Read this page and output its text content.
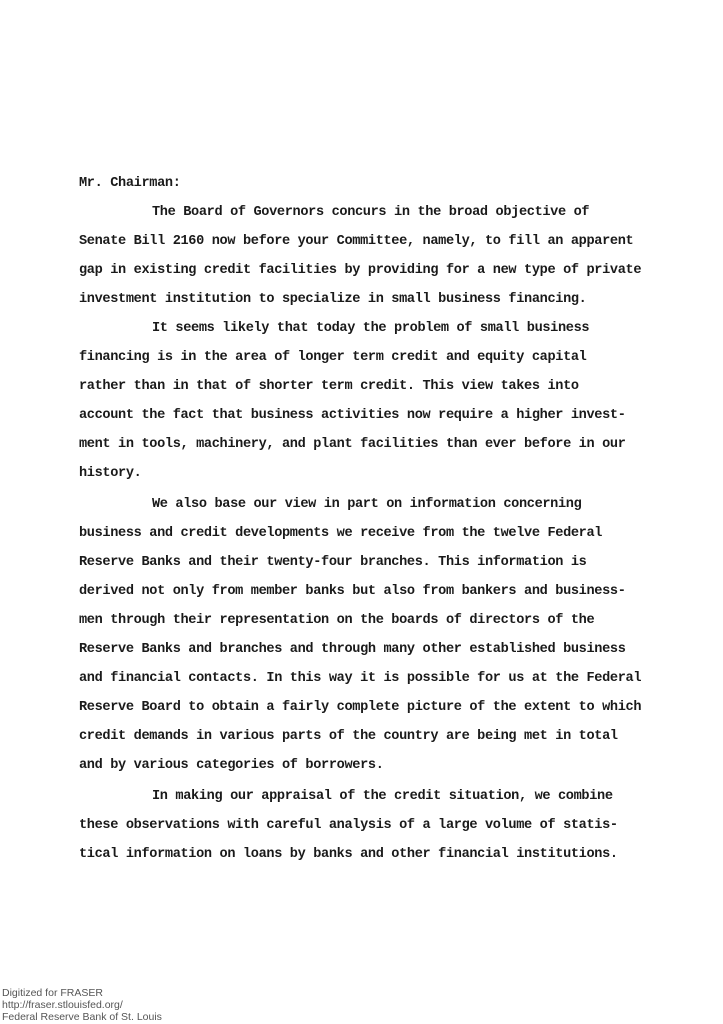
Mr. Chairman:
The Board of Governors concurs in the broad objective of
Senate Bill 2160 now before your Committee, namely, to fill an apparent
gap in existing credit facilities by providing for a new type of private
investment institution to specialize in small business financing.
It seems likely that today the problem of small business
financing is in the area of longer term credit and equity capital
rather than in that of shorter term credit. This view takes into
account the fact that business activities now require a higher invest-
ment in tools, machinery, and plant facilities than ever before in our
history.
We also base our view in part on information concerning
business and credit developments we receive from the twelve Federal
Reserve Banks and their twenty-four branches. This information is
derived not only from member banks but also from bankers and business-
men through their representation on the boards of directors of the
Reserve Banks and branches and through many other established business
and financial contacts. In this way it is possible for us at the Federal
Reserve Board to obtain a fairly complete picture of the extent to which
credit demands in various parts of the country are being met in total
and by various categories of borrowers.
In making our appraisal of the credit situation, we combine
these observations with careful analysis of a large volume of statis-
tical information on loans by banks and other financial institutions.
Digitized for FRASER
http://fraser.stlouisfed.org/
Federal Reserve Bank of St. Louis
